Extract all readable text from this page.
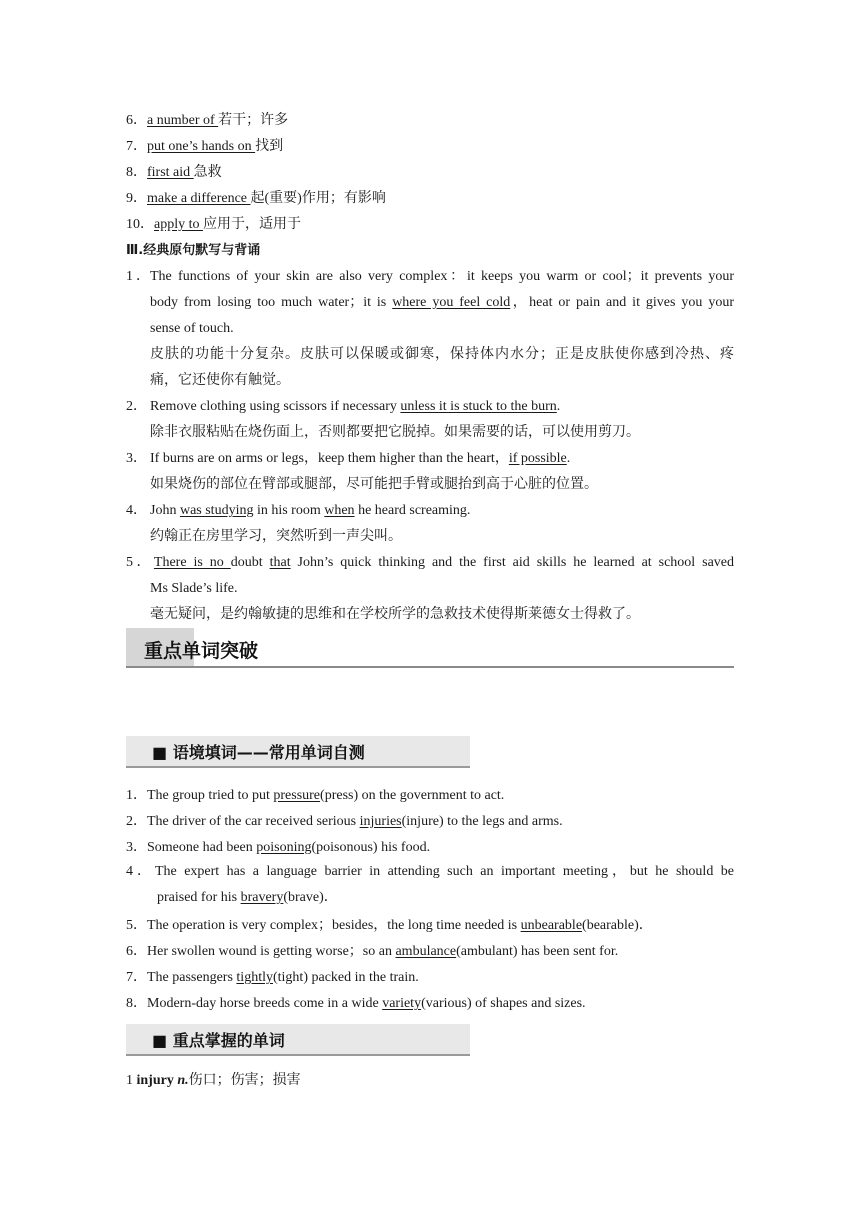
6．a number of 若干；许多
7．put one’s hands on 找到
8．first aid 急救
9．make a difference 起(重要)作用；有影响
10．apply to 应用于，适用于
Ⅲ.经典原句默写与背诵
1．The functions of your skin are also very complex：it keeps you warm or cool；it prevents your
body from losing too much water；it is where you feel cold，heat or pain and it gives you your
sense of touch.
皮肤的功能十分复杂。皮肤可以保暖或御寒，保持体内水分；正是皮肤使你感到冷热、疼
痛，它还使你有触觉。
2． Remove clothing using scissors if necessary unless it is stuck to the burn.
除非衣服粘贴在烧伤面上，否则都要把它脱掉。如果需要的话，可以使用剪刀。
3． If burns are on arms or legs，keep them higher than the heart，if possible.
如果烧伤的部位在臂部或腿部，尽可能把手臂或腿抬到高于心脏的位置。
4． John was studying in his room when he heard screaming.
约翰正在房里学习，突然听到一声尖叫。
5．There is no doubt that John’s quick thinking and the first aid skills he learned at school saved
Ms Slade’s life.
毫无疑问，是约翰敏捷的思维和在学校所学的急救技术使得斯莱德女士得救了。
重点单词突破
■ 语境填词——常用单词自测
1．The group tried to put pressure(press) on the government to act.
2．The driver of the car received serious injuries(injure) to the legs and arms.
3．Someone had been poisoning(poisonous) his food.
4．The expert has a language barrier in attending such an important meeting，but he should be
praised for his bravery(brave)．
5．The operation is very complex；besides，the long time needed is unbearable(bearable)．
6．Her swollen wound is getting worse；so an ambulance(ambulant) has been sent for.
7．The passengers tightly(tight) packed in the train.
8．Modern-day horse breeds come in a wide variety(various) of shapes and sizes.
■ 重点掌握的单词
1 injury n.伤口；伤害；损害
